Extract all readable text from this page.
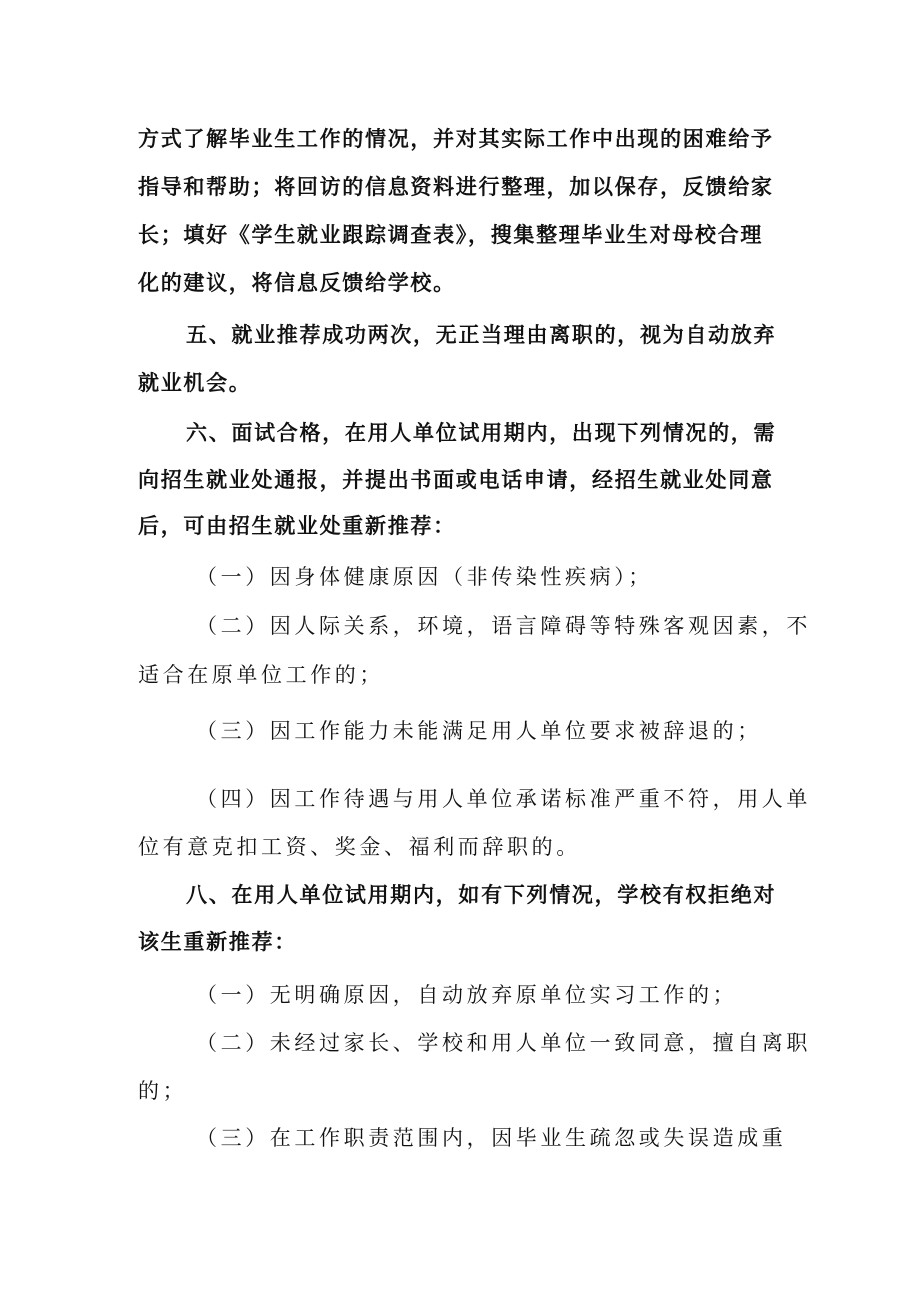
方式了解毕业生工作的情况，并对其实际工作中出现的困难给予

指导和帮助；将回访的信息资料进行整理，加以保存，反馈给家

长；填好《学生就业跟踪调查表》，搜集整理毕业生对母校合理

化的建议，将信息反馈给学校。

五、就业推荐成功两次，无正当理由离职的，视为自动放弃

就业机会。

六、面试合格，在用人单位试用期内，出现下列情况的，需

向招生就业处通报，并提出书面或电话申请，经招生就业处同意

后，可由招生就业处重新推荐：

（一）因身体健康原因（非传染性疾病）；

（二）因人际关系，环境，语言障碍等特殊客观因素，不

适合在原单位工作的；

（三）因工作能力未能满足用人单位要求被辞退的；

（四）因工作待遇与用人单位承诺标准严重不符，用人单

位有意克扣工资、奖金、福利而辞职的。

八、在用人单位试用期内，如有下列情况，学校有权拒绝对

该生重新推荐：

（一）无明确原因，自动放弃原单位实习工作的；

（二）未经过家长、学校和用人单位一致同意，擅自离职

的；

（三）在工作职责范围内，因毕业生疏忽或失误造成重
